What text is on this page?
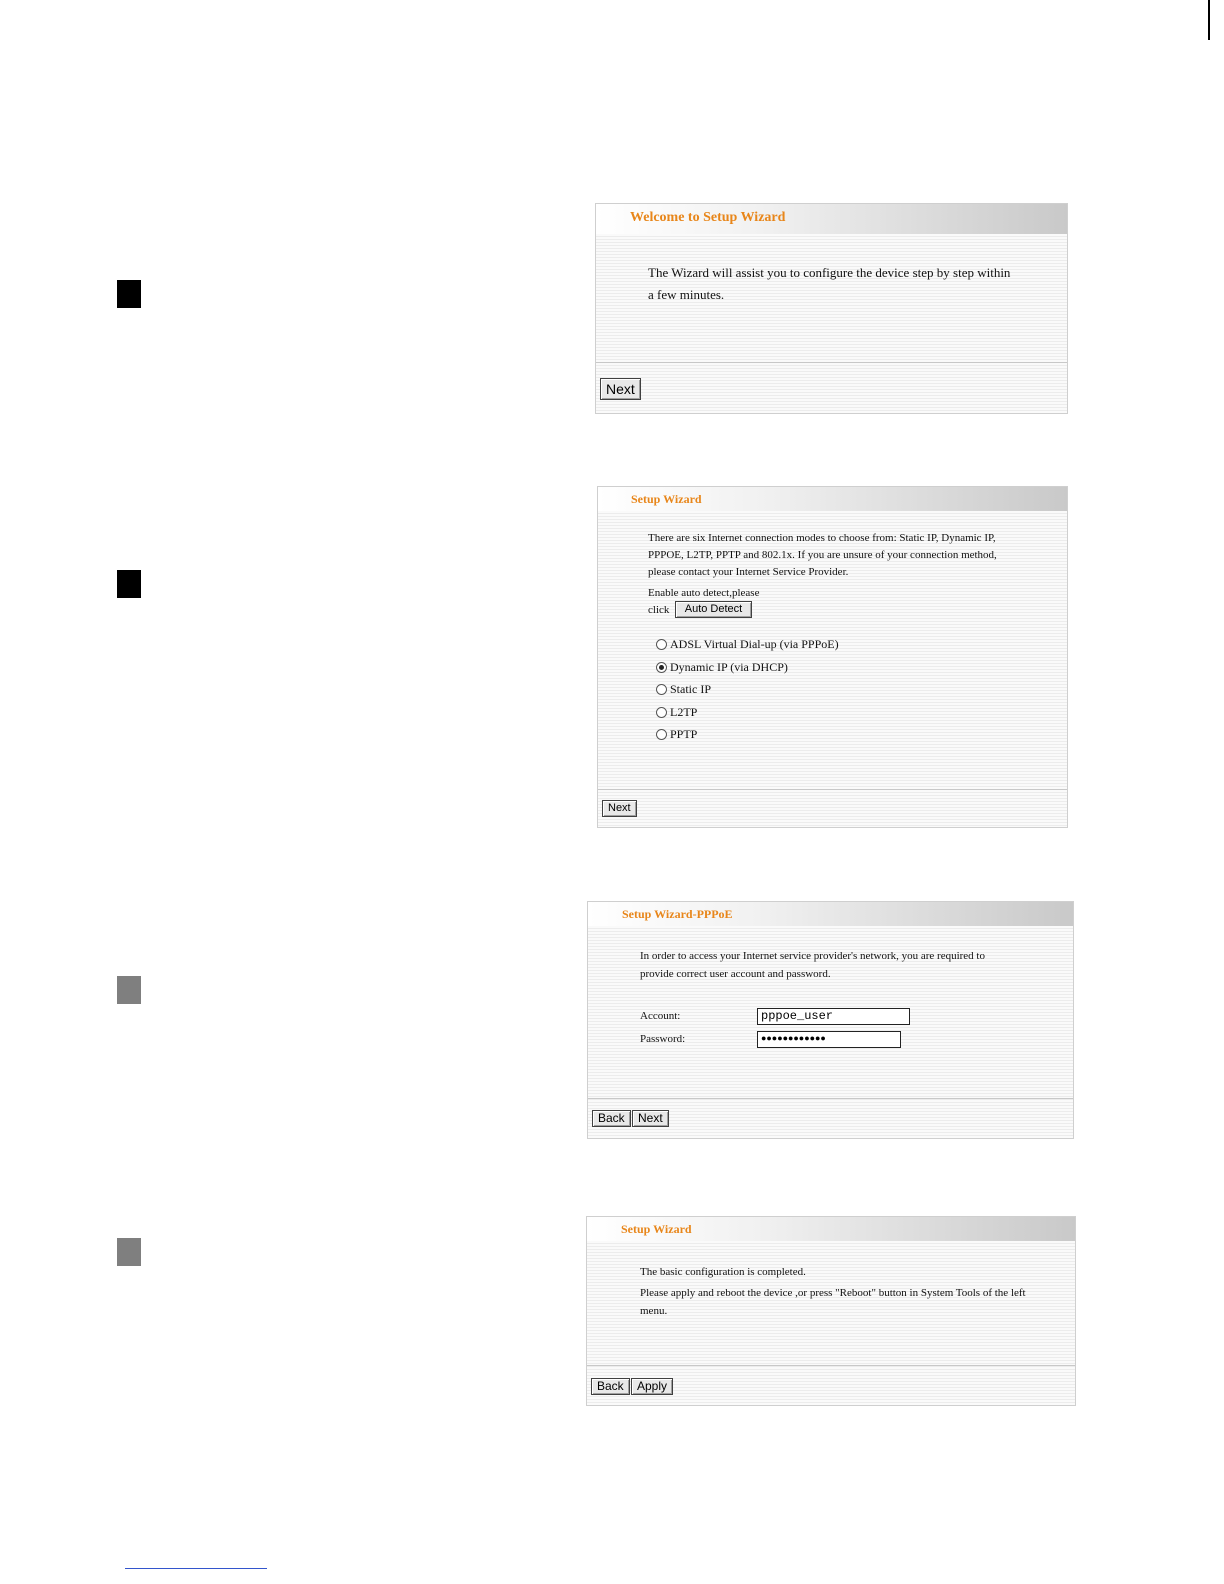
Welcome to Setup Wizard
The Wizard will assist you to configure the device step by step within a few minutes.
Next
Setup Wizard
There are six Internet connection modes to choose from: Static IP, Dynamic IP, PPPOE, L2TP, PPTP and 802.1x. If you are unsure of your connection method, please contact your Internet Service Provider.
Enable auto detect,please
click	Auto Detect
ADSL Virtual Dial-up (via PPPoE)
Dynamic IP (via DHCP)
Static IP
L2TP
PPTP
Next
Setup Wizard-PPPoE
In order to access your Internet service provider's network, you are required to provide correct user account and password.
Account:	pppoe_user
Password:	●●●●●●●●●●●●
Back	Next
Setup Wizard
The basic configuration is completed.
Please apply and reboot the device ,or press "Reboot" button in System Tools of the left menu.
Back	Apply
